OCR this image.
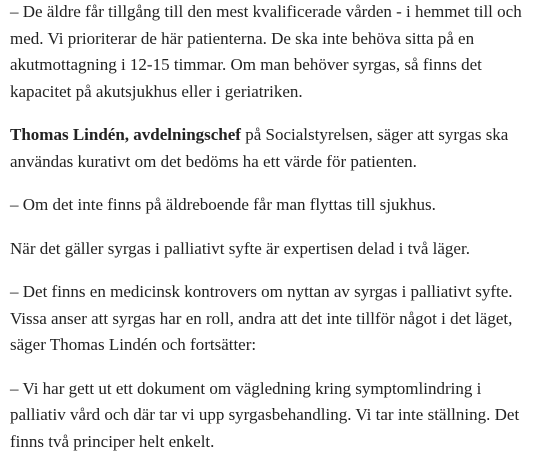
– De äldre får tillgång till den mest kvalificerade vården - i hemmet till och med. Vi prioriterar de här patienterna. De ska inte behöva sitta på en akutmottagning i 12-15 timmar. Om man behöver syrgas, så finns det kapacitet på akutsjukhus eller i geriatriken.

Thomas Lindén, avdelningschef på Socialstyrelsen, säger att syrgas ska användas kurativt om det bedöms ha ett värde för patienten.

– Om det inte finns på äldreboende får man flyttas till sjukhus.

När det gäller syrgas i palliativt syfte är expertisen delad i två läger.

– Det finns en medicinsk kontrovers om nyttan av syrgas i palliativt syfte. Vissa anser att syrgas har en roll, andra att det inte tillför något i det läget, säger Thomas Lindén och fortsätter:

– Vi har gett ut ett dokument om vägledning kring symptomlindring i palliativ vård och där tar vi upp syrgasbehandling. Vi tar inte ställning. Det finns två principer helt enkelt.
